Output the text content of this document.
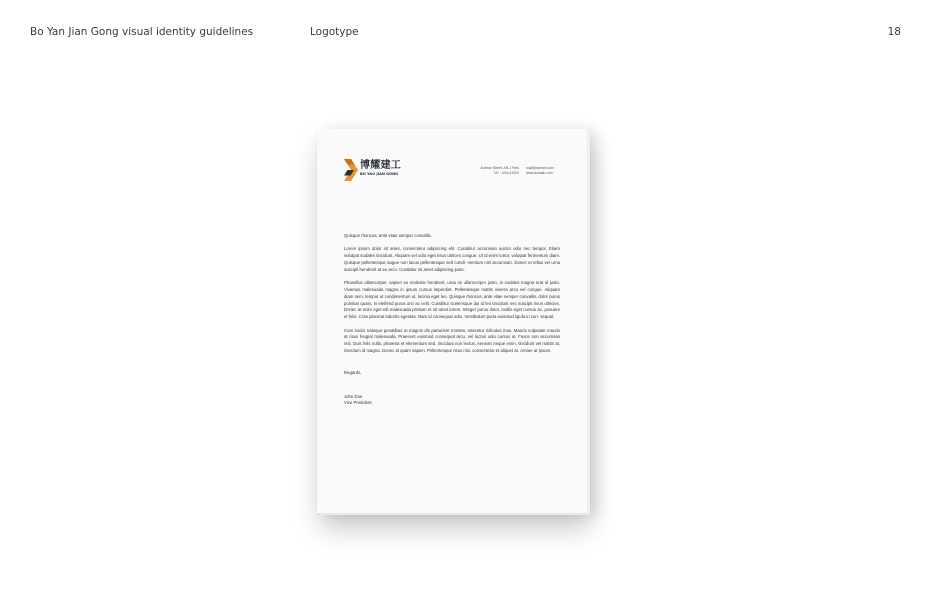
Bo Yan Jian Gong visual identity guidelines	Logotype	18
博耀建工
BO YAO JIAN GONG
Avenue Street, AR-J Park
NY - USA 43320
mail@domain.com
www.domain.com

Quisque rhoncus, ante vitae semper convallis.

Lorem ipsum dolor sit amet, consectetur adipiscing elit. Curabitur accumsan auctor odio nec tempor. Etiam volutpat sodales tincidunt. Aliquam vel odio eget risus ultrices congue. Ut id enim tortor, volutpat fermentum diam. Quisque pellentesque augue non lacus pellentesque sed condi- mentum nisl accumsan. Donec et tellus vel urna suscipit hendrerit at eu arcu. Curabitur sit amet adipiscing justo.

Phasellus ullamcorper, sapien eu molestie hendrerit, urna mi ullamcorper justo, in sodales magna erat id justo. Vivamus malesuada magna in ipsum cursus imperdiet. Pellentesque mattis viverra arcu vel congue. Aliquam diam sem, tempor ut condimentum ut, lacinia eget leo. Quisque rhoncus, ante vitae semper convallis, dolor purus pulvinar quam, in eleifend purus orci ac velit. Curabitur scelerisque dui id leo tincidunt nec suscipit risus ultricies. Donec at enim eget elit malesuada pretium et sit amet lorem. Integer purus dolor, mollis eget cursus ac, posuere et felis. Cras placerat lobortis egestas. Nam id consequat odio. Vestibulum porta euismod ligula in con- sequat.

Cum sociis natoque penatibus et magnis dis parturient montes, nascetur ridiculus mus. Mauris vulputate mauris at risus feugiat malesuada. Praesent euismod consequat arcu, vel luctus odio cursus ut. Fusce non accumsan nisl. Duis felis nulla, pharetra et elementum sed, tincidunt non lectus. Aenean neque enim, tincidunt vel mattis at, interdum id magna. Donec id quam sapien. Pellentesque risus nisi, consectetur et aliquet at, ornare at ipsum.

Regards,

John Doe

Vice President
